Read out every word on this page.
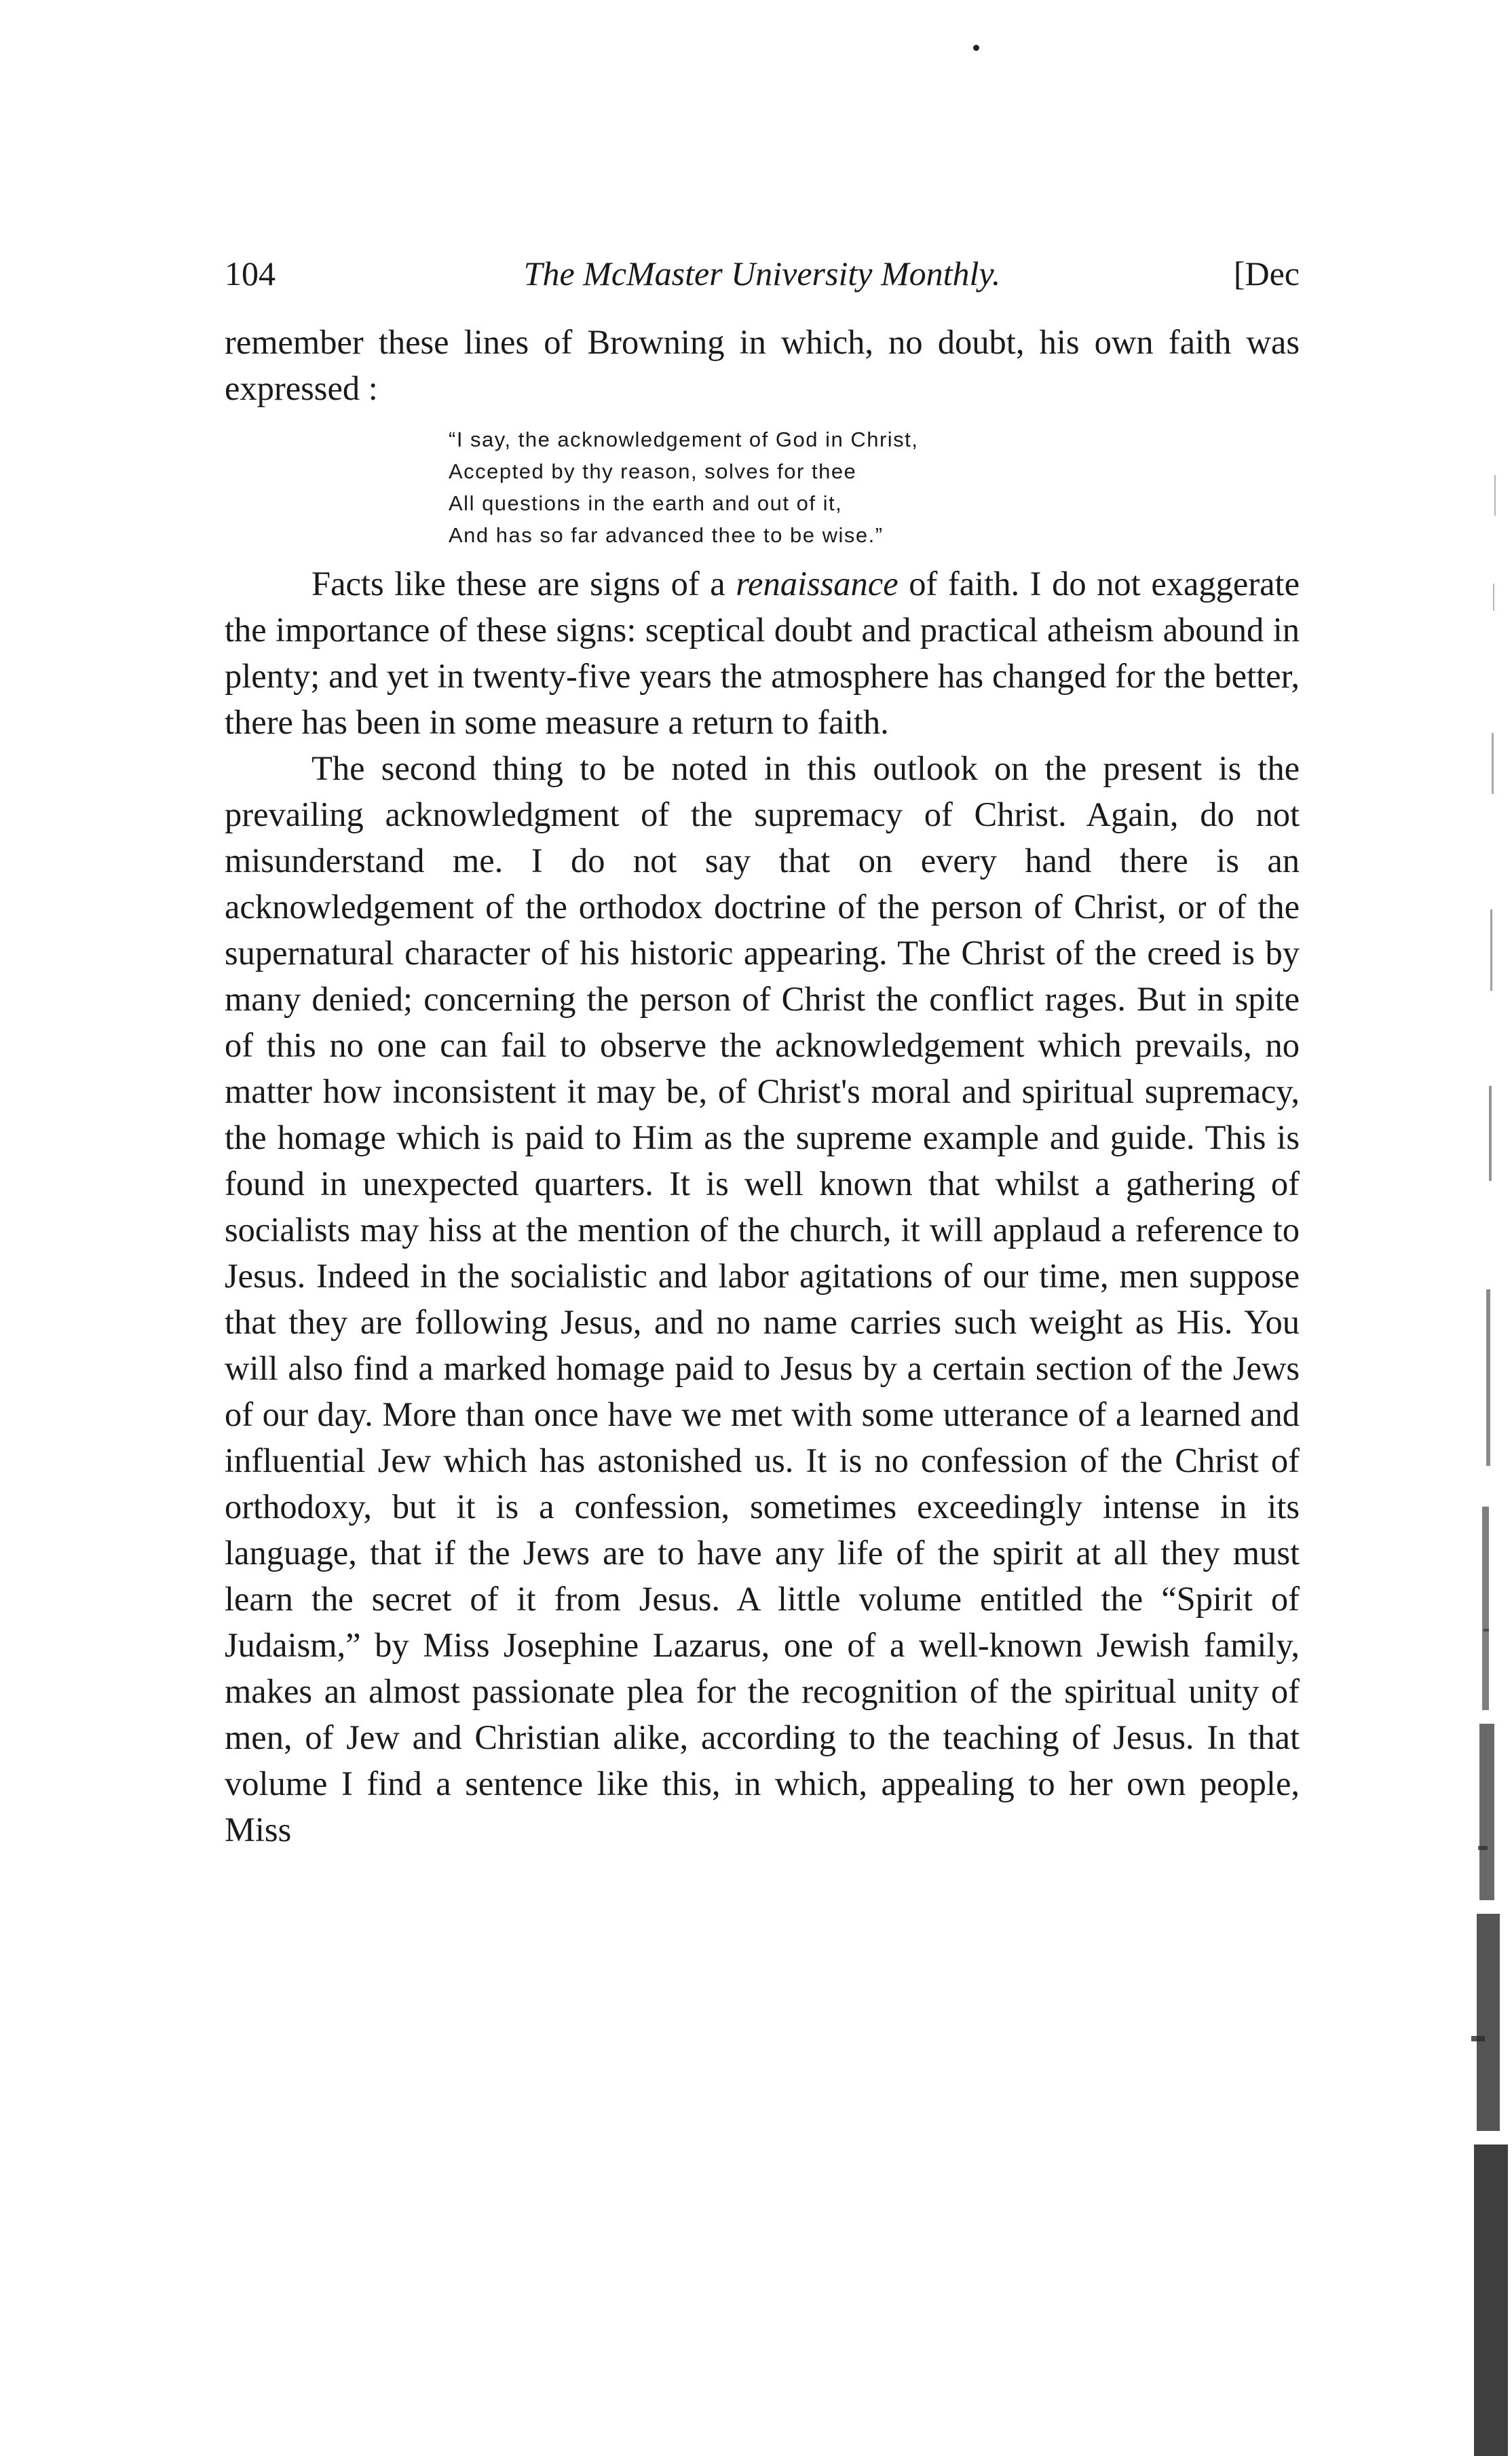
104	The McMaster University Monthly.	[Dec

remember these lines of Browning in which, no doubt, his own faith was expressed :

“I say, the acknowledgement of God in Christ,
Accepted by thy reason, solves for thee
All questions in the earth and out of it,
And has so far advanced thee to be wise.”

Facts like these are signs of a renaissance of faith. I do not exaggerate the importance of these signs: sceptical doubt and practical atheism abound in plenty; and yet in twenty-five years the atmosphere has changed for the better, there has been in some measure a return to faith.

The second thing to be noted in this outlook on the present is the prevailing acknowledgment of the supremacy of Christ. Again, do not misunderstand me. I do not say that on every hand there is an acknowledgement of the orthodox doctrine of the person of Christ, or of the supernatural character of his historic appearing. The Christ of the creed is by many denied; concerning the person of Christ the conflict rages. But in spite of this no one can fail to observe the acknowledgement which prevails, no matter how inconsistent it may be, of Christ's moral and spiritual supremacy, the homage which is paid to Him as the supreme example and guide. This is found in unexpected quarters. It is well known that whilst a gathering of socialists may hiss at the mention of the church, it will applaud a reference to Jesus. Indeed in the socialistic and labor agitations of our time, men suppose that they are following Jesus, and no name carries such weight as His. You will also find a marked homage paid to Jesus by a certain section of the Jews of our day. More than once have we met with some utterance of a learned and influential Jew which has astonished us. It is no confession of the Christ of orthodoxy, but it is a confession, sometimes exceedingly intense in its language, that if the Jews are to have any life of the spirit at all they must learn the secret of it from Jesus. A little volume entitled the “Spirit of Judaism,” by Miss Josephine Lazarus, one of a well-known Jewish family, makes an almost passionate plea for the recognition of the spiritual unity of men, of Jew and Christian alike, according to the teaching of Jesus. In that volume I find a sentence like this, in which, appealing to her own people, Miss
